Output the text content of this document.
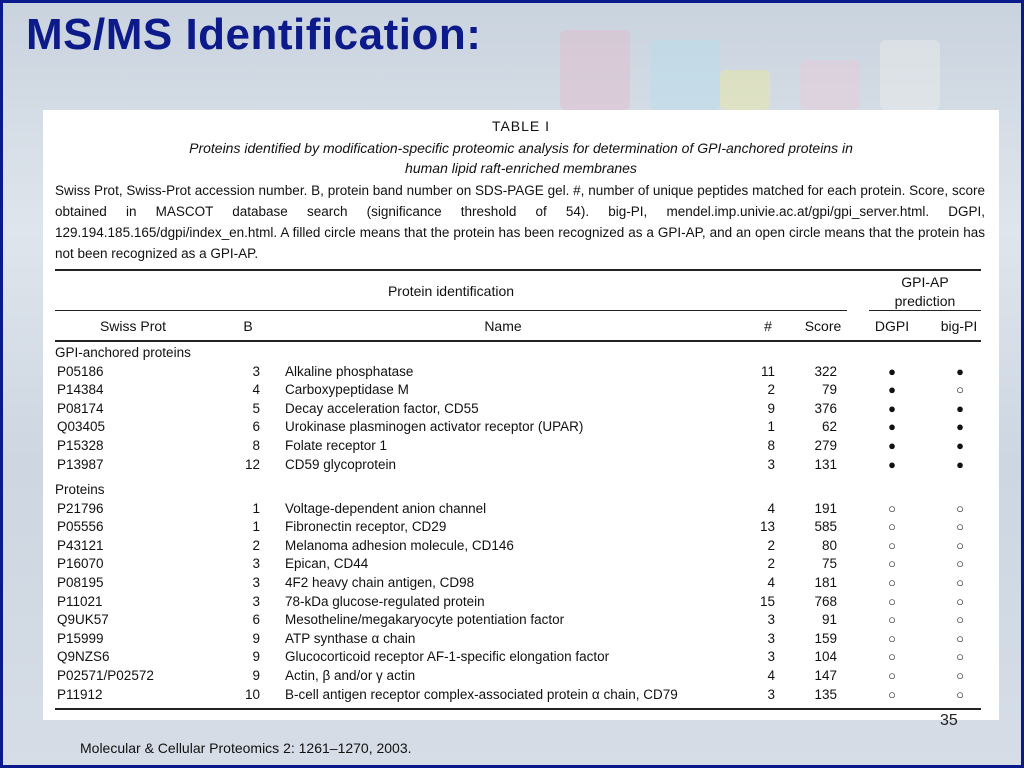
MS/MS Identification:
TABLE I
Proteins identified by modification-specific proteomic analysis for determination of GPI-anchored proteins in
human lipid raft-enriched membranes
Swiss Prot, Swiss-Prot accession number. B, protein band number on SDS-PAGE gel. #, number of unique peptides matched for each protein. Score, score obtained in MASCOT database search (significance threshold of 54). big-PI, mendel.imp.univie.ac.at/gpi/gpi_server.html. DGPI, 129.194.185.165/dgpi/index_en.html. A filled circle means that the protein has been recognized as a GPI-AP, and an open circle means that the protein has not been recognized as a GPI-AP.
Protein identification
GPI-AP
prediction
Swiss Prot	B	Name	#	Score	DGPI	big-PI
GPI-anchored proteins
P05186	3 Alkaline phosphatase	11	322	●	●
P14384	4 Carboxypeptidase M	2	79	●	○
P08174	5 Decay acceleration factor, CD55	9	376	●	●
Q03405	6 Urokinase plasminogen activator receptor (UPAR)	1	62	●	●
P15328	8 Folate receptor 1	8	279	●	●
P13987	12 CD59 glycoprotein	3	131	●	●
Proteins
P21796	1 Voltage-dependent anion channel	4	191	○	○
P05556	1 Fibronectin receptor, CD29	13	585	○	○
P43121	2 Melanoma adhesion molecule, CD146	2	80	○	○
P16070	3 Epican, CD44	2	75	○	○
P08195	3 4F2 heavy chain antigen, CD98	4	181	○	○
P11021	3 78-kDa glucose-regulated protein	15	768	○	○
Q9UK57	6 Mesotheline/megakaryocyte potentiation factor	3	91	○	○
P15999	9 ATP synthase α chain	3	159	○	○
Q9NZS6	9 Glucocorticoid receptor AF-1-specific elongation factor	3	104	○	○
P02571/P02572	9 Actin, β and/or γ actin	4	147	○	○
P11912	10 B-cell antigen receptor complex-associated protein α chain, CD79	3	135	○	○
35
Molecular & Cellular Proteomics 2: 1261–1270, 2003.
